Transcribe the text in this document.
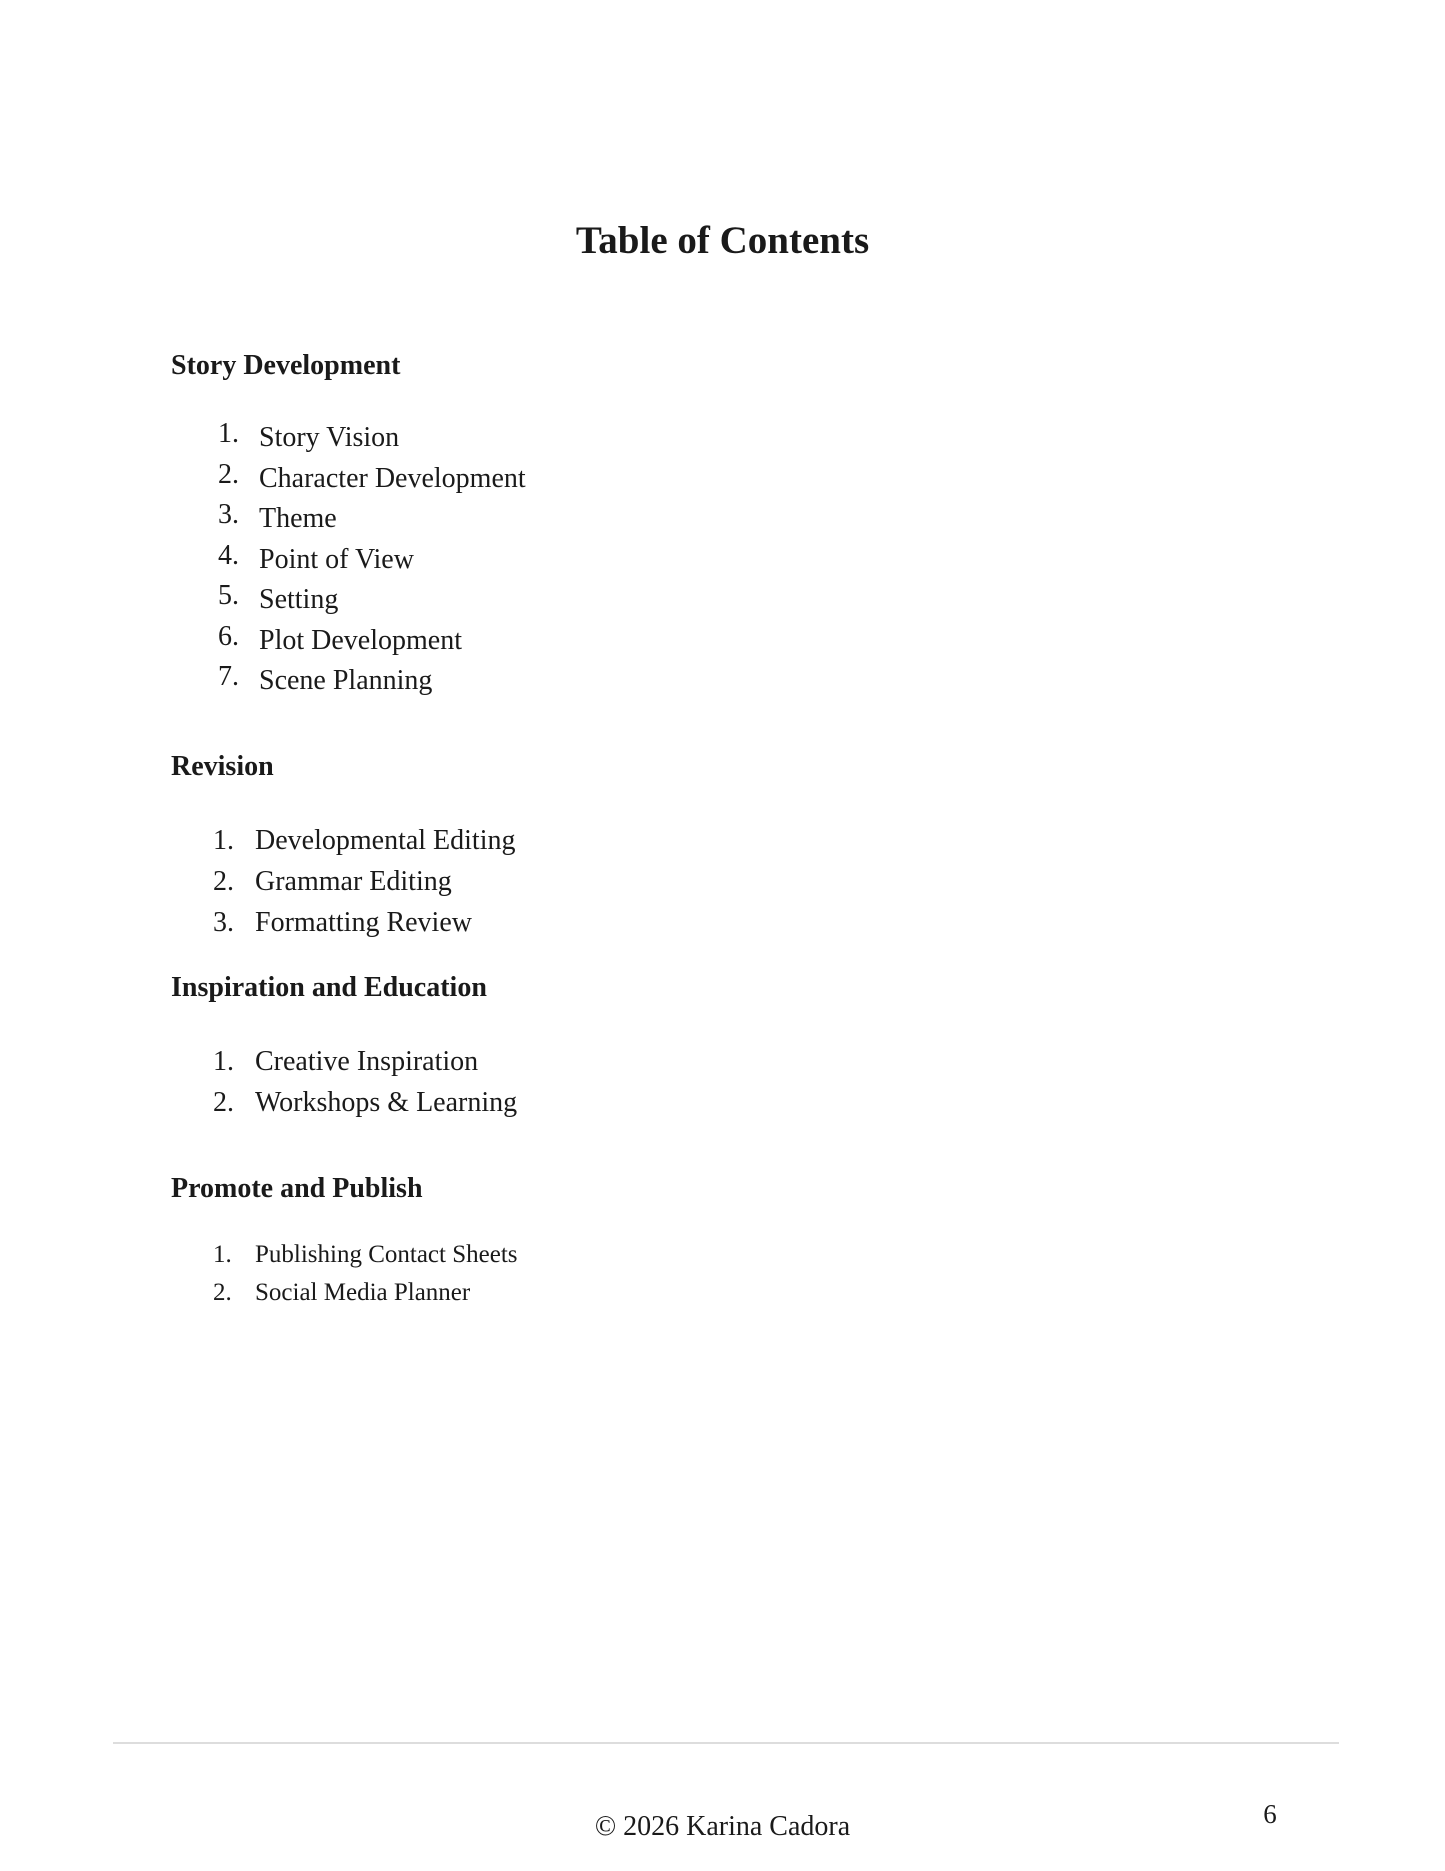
Table of Contents
Story Development
1. Story Vision
2. Character Development
3. Theme
4. Point of View
5. Setting
6. Plot Development
7. Scene Planning
Revision
1. Developmental Editing
2. Grammar Editing
3. Formatting Review
Inspiration and Education
1. Creative Inspiration
2. Workshops & Learning
Promote and Publish
1. Publishing Contact Sheets
2. Social Media Planner
© 2026 Karina Cadora	6
